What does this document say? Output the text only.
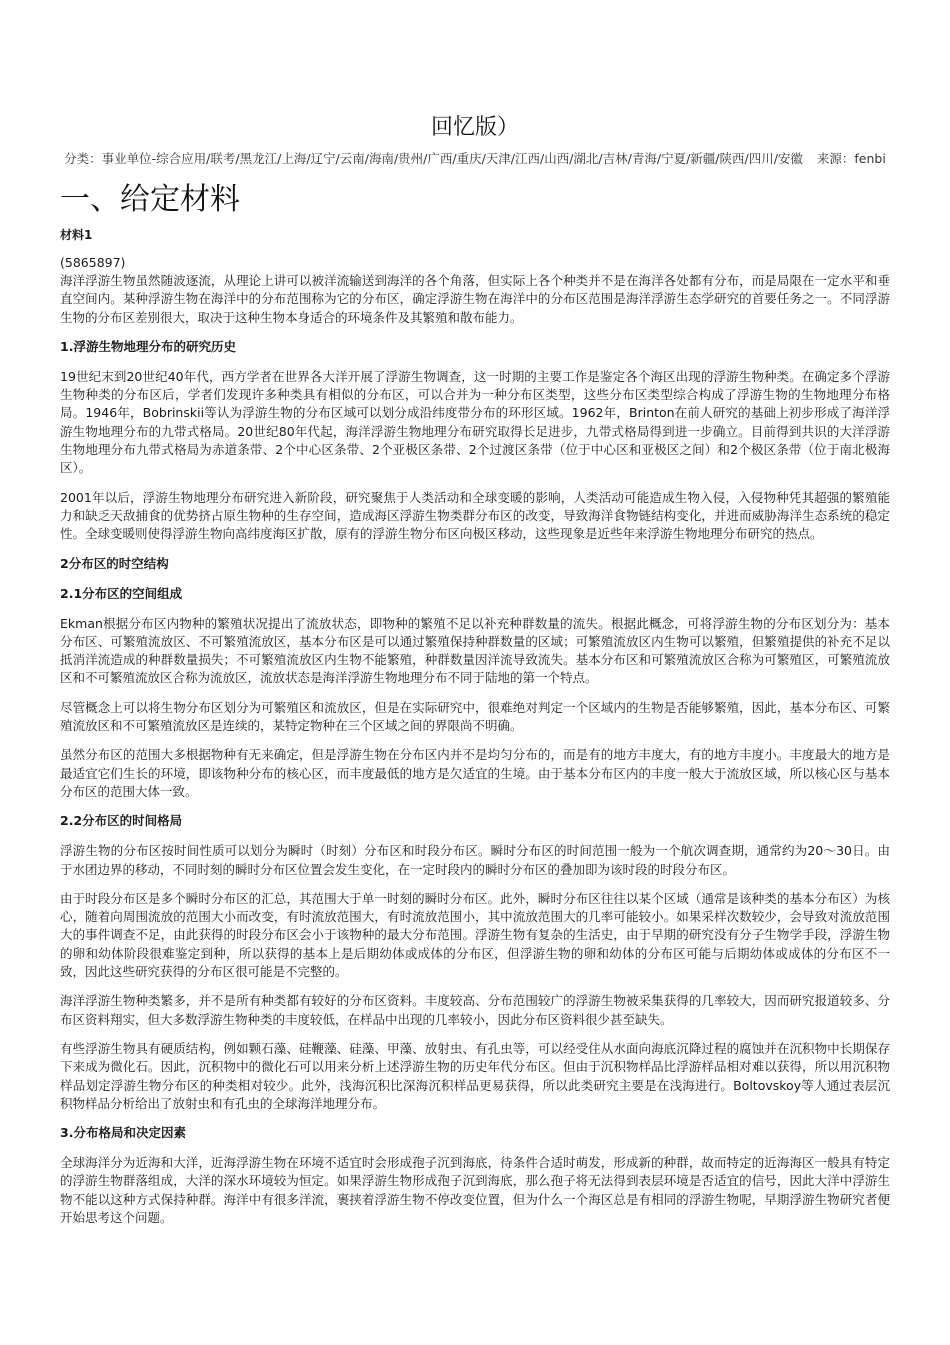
回忆版）
分类：事业单位-综合应用/联考/黑龙江/上海/辽宁/云南/海南/贵州/广西/重庆/天津/江西/山西/湖北/吉林/青海/宁夏/新疆/陕西/四川/安徽 来源：fenbi
一、给定材料
材料1
(5865897)

海洋浮游生物虽然随波逐流，从理论上讲可以被洋流输送到海洋的各个角落，但实际上各个种类并不是在海洋各处都有分布，而是局限在一定水平和垂直空间内。某种浮游生物在海洋中的分布范围称为它的分布区，确定浮游生物在海洋中的分布区范围是海洋浮游生态学研究的首要任务之一。不同浮游生物的分布区差别很大，取决于这种生物本身适合的环境条件及其繁殖和散布能力。

1.浮游生物地理分布的研究历史

19世纪末到20世纪40年代，西方学者在世界各大洋开展了浮游生物调查，这一时期的主要工作是鉴定各个海区出现的浮游生物种类。在确定多个浮游生物种类的分布区后，学者们发现许多种类具有相似的分布区，可以合并为一种分布区类型，这些分布区类型综合构成了浮游生物的生物地理分布格局。1946年，Bobrinskii等认为浮游生物的分布区域可以划分成沿纬度带分布的环形区域。1962年，Brinton在前人研究的基础上初步形成了海洋浮游生物地理分布的九带式格局。20世纪80年代起，海洋浮游生物地理分布研究取得长足进步，九带式格局得到进一步确立。目前得到共识的大洋浮游生物地理分布九带式格局为赤道条带、2个中心区条带、2个亚极区条带、2个过渡区条带（位于中心区和亚极区之间）和2个极区条带（位于南北极海区）。

2001年以后，浮游生物地理分布研究进入新阶段，研究聚焦于人类活动和全球变暖的影响，人类活动可能造成生物入侵，入侵物种凭其超强的繁殖能力和缺乏天敌捕食的优势挤占原生物种的生存空间，造成海区浮游生物类群分布区的改变，导致海洋食物链结构变化，并进而威胁海洋生态系统的稳定性。全球变暖则使得浮游生物向高纬度海区扩散，原有的浮游生物分布区向极区移动，这些现象是近些年来浮游生物地理分布研究的热点。

2分布区的时空结构
2.1分布区的空间组成

Ekman根据分布区内物种的繁殖状况提出了流放状态，即物种的繁殖不足以补充种群数量的流失。根据此概念，可将浮游生物的分布区划分为：基本分布区、可繁殖流放区、不可繁殖流放区，基本分布区是可以通过繁殖保持种群数量的区域；可繁殖流放区内生物可以繁殖，但繁殖提供的补充不足以抵消洋流造成的种群数量损失；不可繁殖流放区内生物不能繁殖，种群数量因洋流导致流失。基本分布区和可繁殖流放区合称为可繁殖区，可繁殖流放区和不可繁殖流放区合称为流放区，流放状态是海洋浮游生物地理分布不同于陆地的第一个特点。

尽管概念上可以将生物分布区划分为可繁殖区和流放区，但是在实际研究中，很难绝对判定一个区域内的生物是否能够繁殖，因此，基本分布区、可繁殖流放区和不可繁殖流放区是连续的，某特定物种在三个区域之间的界限尚不明确。

虽然分布区的范围大多根据物种有无来确定，但是浮游生物在分布区内并不是均匀分布的，而是有的地方丰度大，有的地方丰度小。丰度最大的地方是最适宜它们生长的环境，即该物种分布的核心区，而丰度最低的地方是欠适宜的生境。由于基本分布区内的丰度一般大于流放区域，所以核心区与基本分布区的范围大体一致。

2.2分布区的时间格局

浮游生物的分布区按时间性质可以划分为瞬时（时刻）分布区和时段分布区。瞬时分布区的时间范围一般为一个航次调查期，通常约为20～30日。由于水团边界的移动，不同时刻的瞬时分布区位置会发生变化，在一定时段内的瞬时分布区的叠加即为该时段的时段分布区。

由于时段分布区是多个瞬时分布区的汇总，其范围大于单一时刻的瞬时分布区。此外，瞬时分布区往往以某个区域（通常是该种类的基本分布区）为核心，随着向周围流放的范围大小而改变，有时流放范围大，有时流放范围小，其中流放范围大的几率可能较小。如果采样次数较少，会导致对流放范围大的事件调查不足，由此获得的时段分布区会小于该物种的最大分布范围。浮游生物有复杂的生活史，由于早期的研究没有分子生物学手段，浮游生物的卵和幼体阶段很难鉴定到种，所以获得的基本上是后期幼体或成体的分布区，但浮游生物的卵和幼体的分布区可能与后期幼体或成体的分布区不一致，因此这些研究获得的分布区很可能是不完整的。

海洋浮游生物种类繁多，并不是所有种类都有较好的分布区资料。丰度较高、分布范围较广的浮游生物被采集获得的几率较大，因而研究报道较多、分布区资料翔实，但大多数浮游生物种类的丰度较低，在样品中出现的几率较小，因此分布区资料很少甚至缺失。

有些浮游生物具有硬质结构，例如颗石藻、硅鞭藻、硅藻、甲藻、放射虫、有孔虫等，可以经受住从水面向海底沉降过程的腐蚀并在沉积物中长期保存下来成为微化石。因此，沉积物中的微化石可以用来分析上述浮游生物的历史年代分布区。但由于沉积物样品比浮游样品相对难以获得，所以用沉积物样品划定浮游生物分布区的种类相对较少。此外，浅海沉积比深海沉积样品更易获得，所以此类研究主要是在浅海进行。Boltovskoy等人通过表层沉积物样品分析给出了放射虫和有孔虫的全球海洋地理分布。

3.分布格局和决定因素

全球海洋分为近海和大洋，近海浮游生物在环境不适宜时会形成孢子沉到海底，待条件合适时萌发，形成新的种群，故而特定的近海海区一般具有特定的浮游生物群落组成，大洋的深水环境较为恒定。如果浮游生物形成孢子沉到海底，那么孢子将无法得到表层环境是否适宜的信号，因此大洋中浮游生物不能以这种方式保持种群。海洋中有很多洋流，裹挟着浮游生物不停改变位置，但为什么一个海区总是有相同的浮游生物呢，早期浮游生物研究者便开始思考这个问题。
